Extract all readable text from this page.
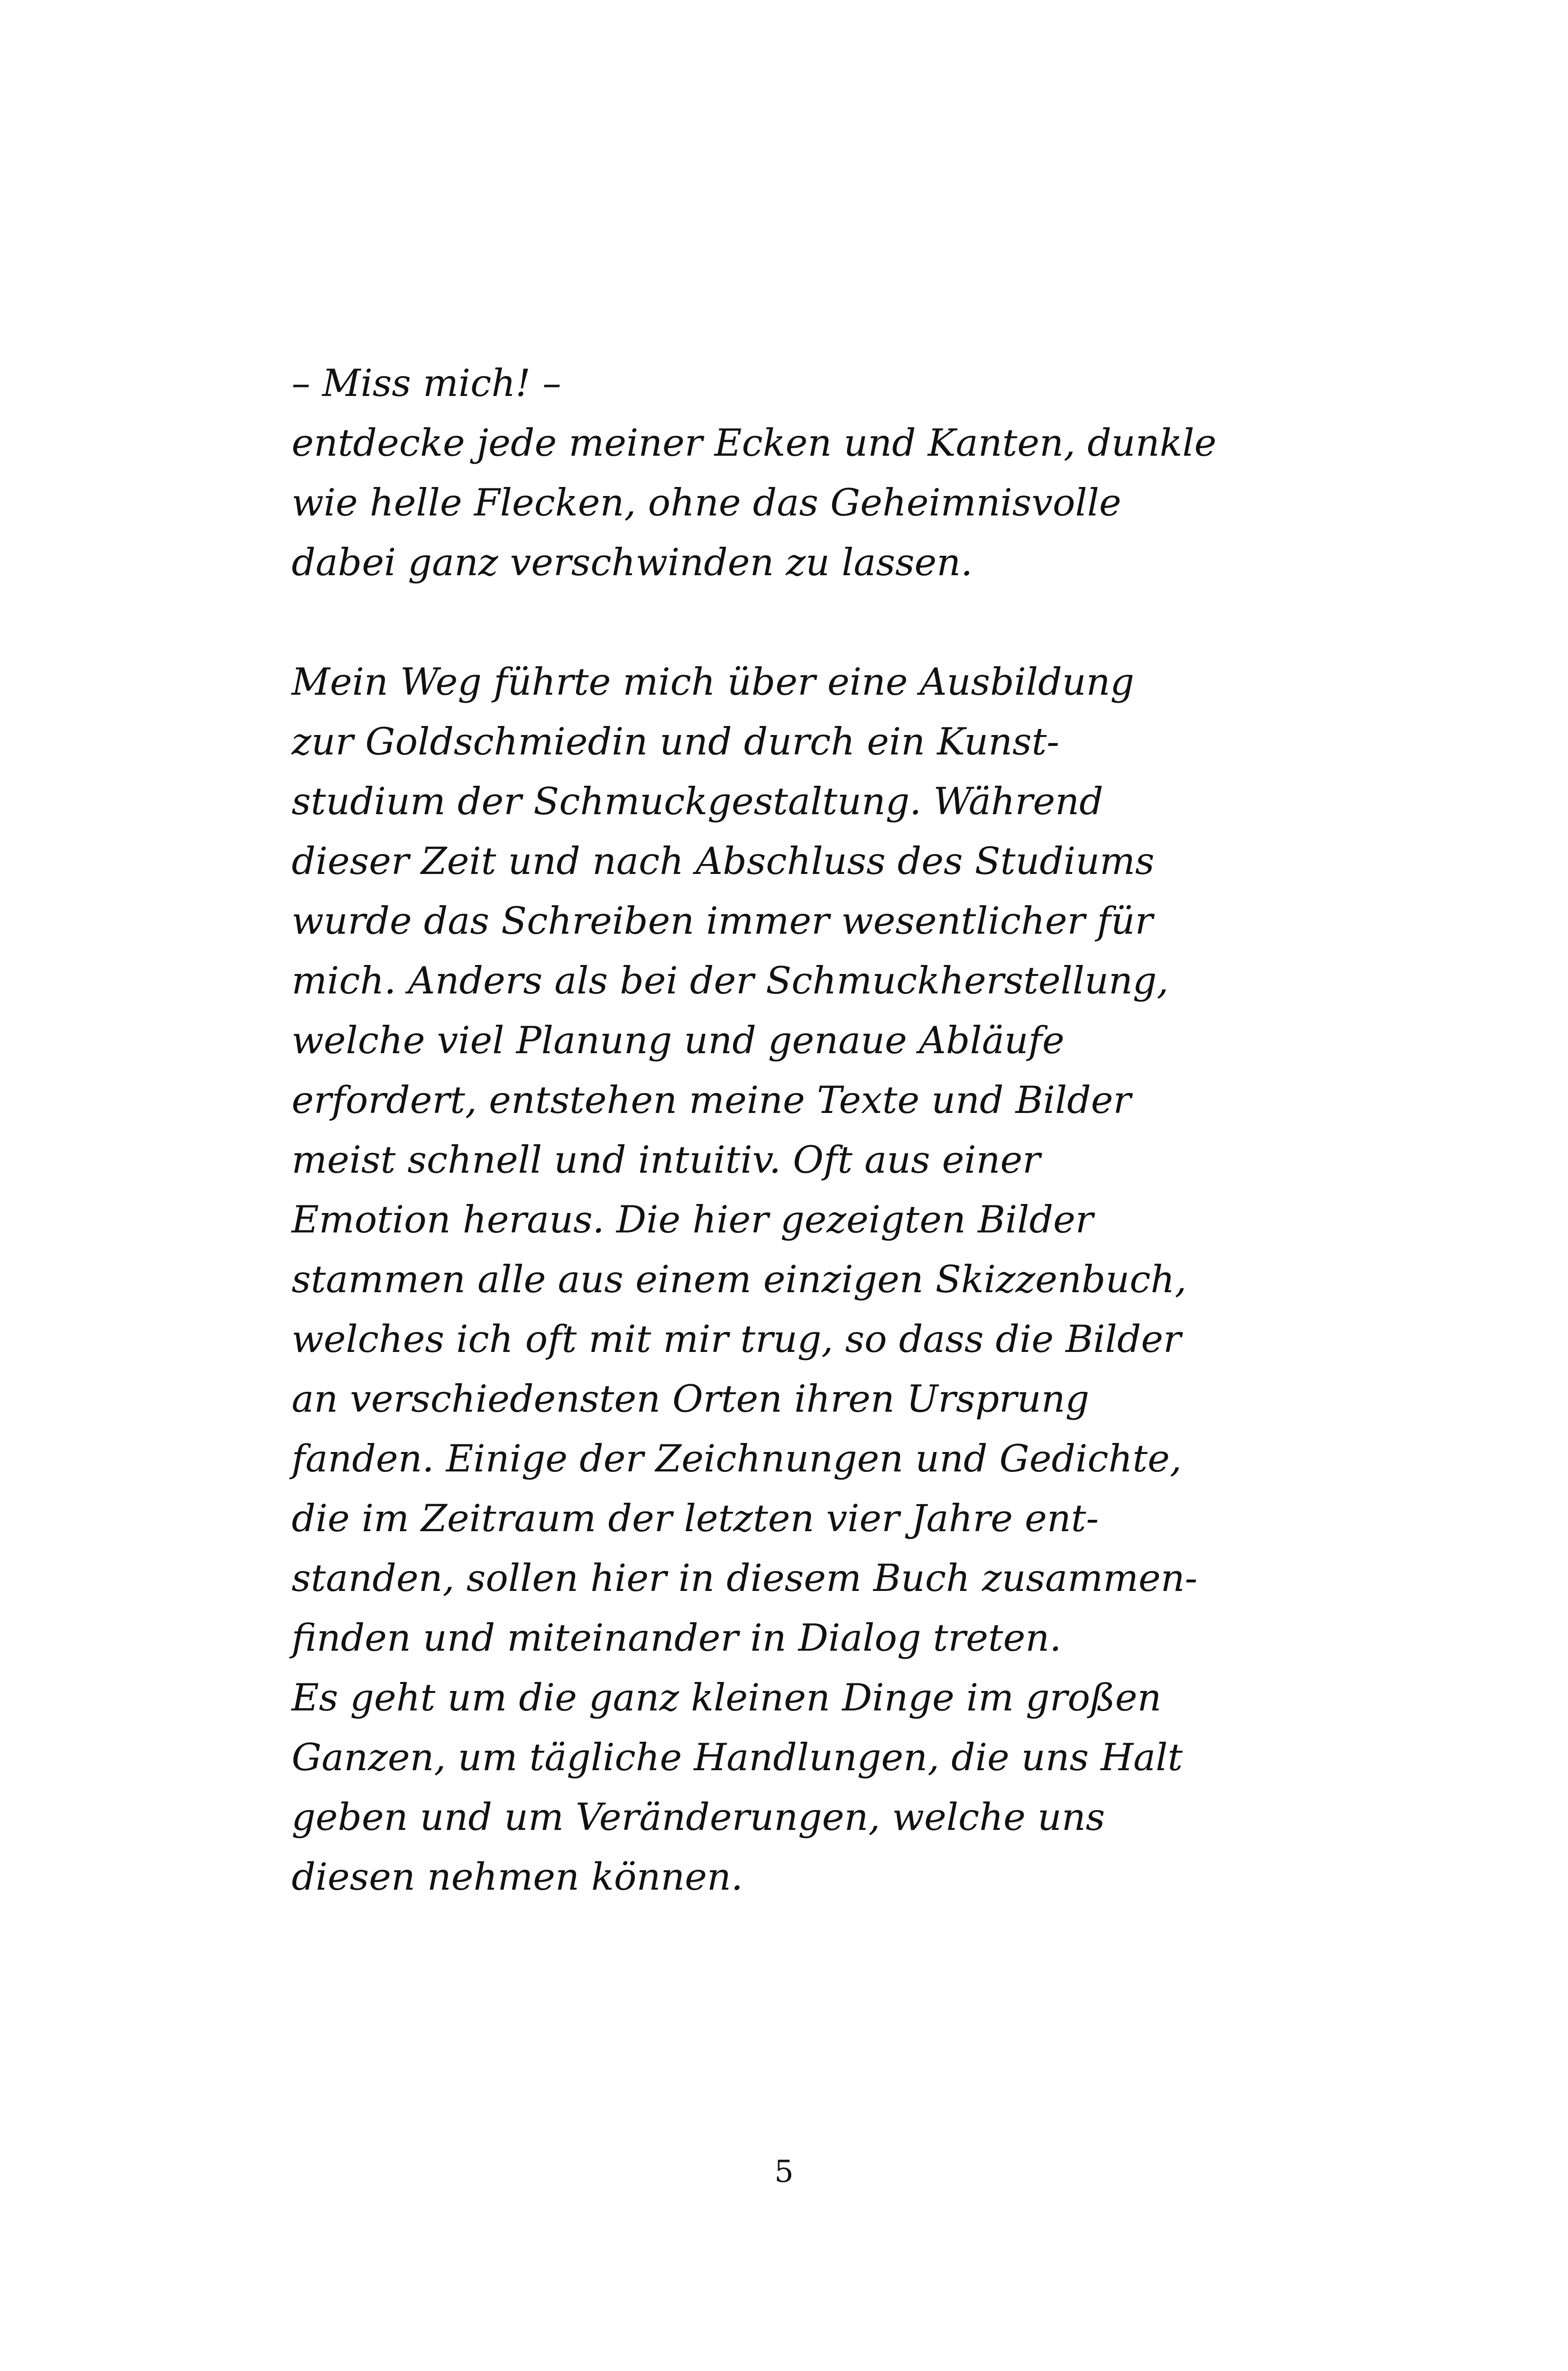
– Miss mich! –
entdecke jede meiner Ecken und Kanten, dunkle
wie helle Flecken, ohne das Geheimnisvolle
dabei ganz verschwinden zu lassen.
Mein Weg führte mich über eine Ausbildung
zur Goldschmiedin und durch ein Kunst-
studium der Schmuckgestaltung. Während
dieser Zeit und nach Abschluss des Studiums
wurde das Schreiben immer wesentlicher für
mich. Anders als bei der Schmuckherstellung,
welche viel Planung und genaue Abläufe
erfordert, entstehen meine Texte und Bilder
meist schnell und intuitiv. Oft aus einer
Emotion heraus. Die hier gezeigten Bilder
stammen alle aus einem einzigen Skizzenbuch,
welches ich oft mit mir trug, so dass die Bilder
an verschiedensten Orten ihren Ursprung
fanden. Einige der Zeichnungen und Gedichte,
die im Zeitraum der letzten vier Jahre ent-
standen, sollen hier in diesem Buch zusammen-
finden und miteinander in Dialog treten.
Es geht um die ganz kleinen Dinge im großen
Ganzen, um tägliche Handlungen, die uns Halt
geben und um Veränderungen, welche uns
diesen nehmen können.
5
